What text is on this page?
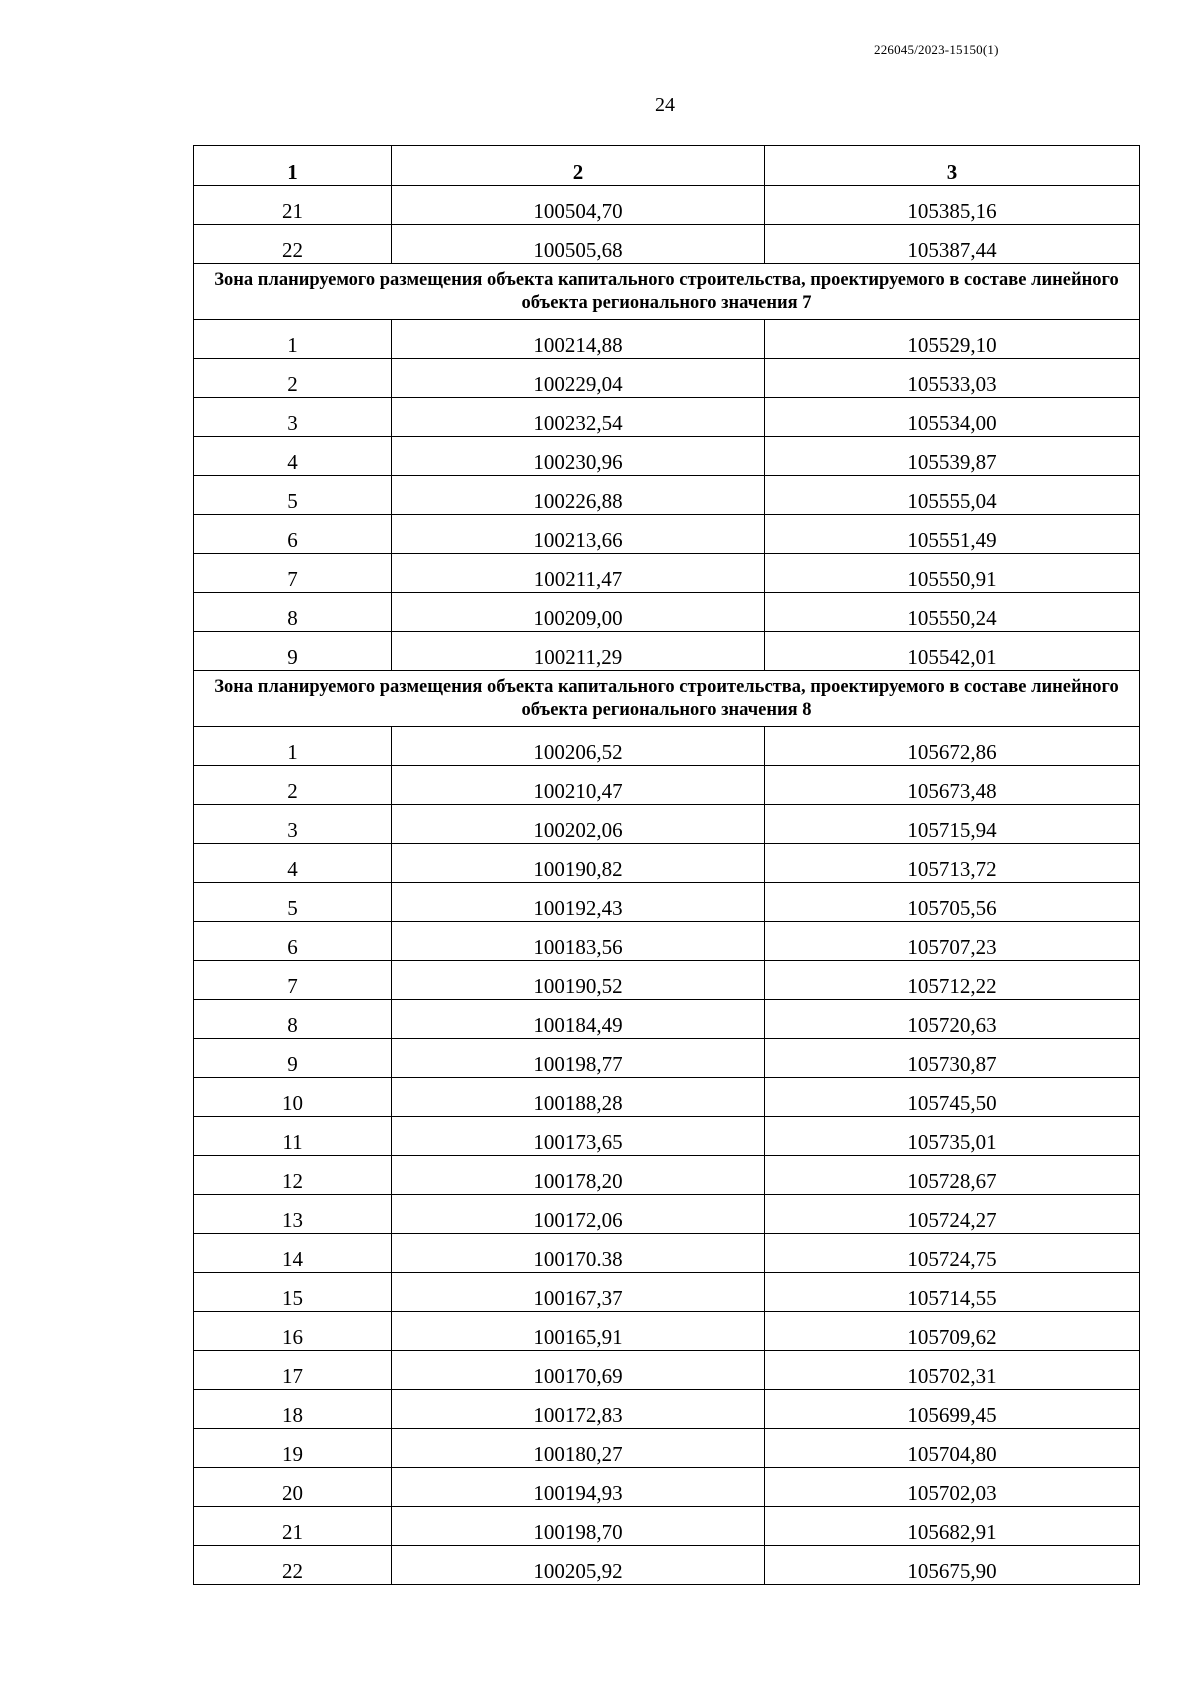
226045/2023-15150(1)
24
1	2	3
21	100504,70	105385,16
22	100505,68	105387,44
Зона планируемого размещения объекта капитального строительства, проектируемого в составе линейного объекта регионального значения 7		
1	100214,88	105529,10
2	100229,04	105533,03
3	100232,54	105534,00
4	100230,96	105539,87
5	100226,88	105555,04
6	100213,66	105551,49
7	100211,47	105550,91
8	100209,00	105550,24
9	100211,29	105542,01
Зона планируемого размещения объекта капитального строительства, проектируемого в составе линейного объекта регионального значения 8		
1	100206,52	105672,86
2	100210,47	105673,48
3	100202,06	105715,94
4	100190,82	105713,72
5	100192,43	105705,56
6	100183,56	105707,23
7	100190,52	105712,22
8	100184,49	105720,63
9	100198,77	105730,87
10	100188,28	105745,50
11	100173,65	105735,01
12	100178,20	105728,67
13	100172,06	105724,27
14	100170.38	105724,75
15	100167,37	105714,55
16	100165,91	105709,62
17	100170,69	105702,31
18	100172,83	105699,45
19	100180,27	105704,80
20	100194,93	105702,03
21	100198,70	105682,91
22	100205,92	105675,90
